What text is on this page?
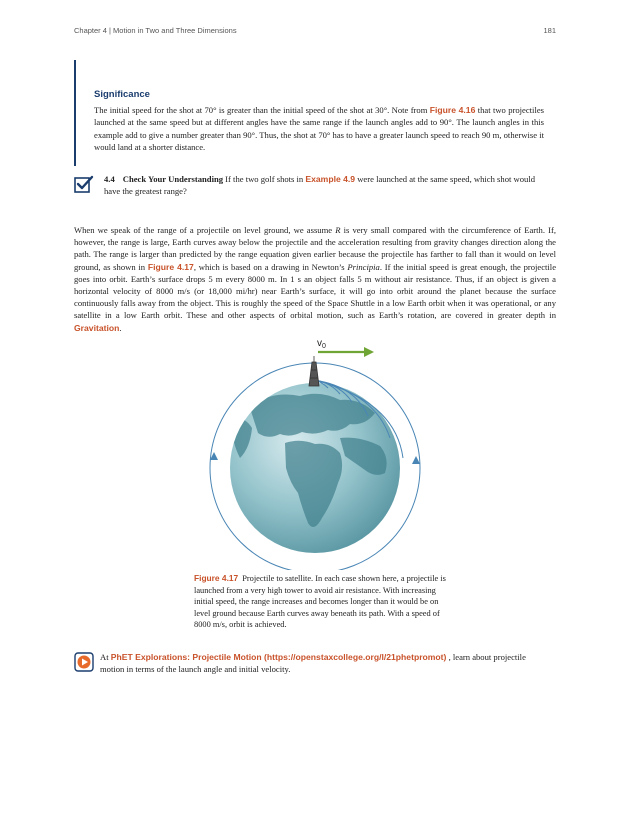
Chapter 4 | Motion in Two and Three Dimensions	181
Significance
The initial speed for the shot at 70° is greater than the initial speed of the shot at 30°. Note from Figure 4.16 that two projectiles launched at the same speed but at different angles have the same range if the launch angles add to 90°. The launch angles in this example add to give a number greater than 90°. Thus, the shot at 70° has to have a greater launch speed to reach 90 m, otherwise it would land at a shorter distance.
4.4 Check Your Understanding If the two golf shots in Example 4.9 were launched at the same speed, which shot would have the greatest range?
When we speak of the range of a projectile on level ground, we assume R is very small compared with the circumference of Earth. If, however, the range is large, Earth curves away below the projectile and the acceleration resulting from gravity changes direction along the path. The range is larger than predicted by the range equation given earlier because the projectile has farther to fall than it would on level ground, as shown in Figure 4.17, which is based on a drawing in Newton’s Principia. If the initial speed is great enough, the projectile goes into orbit. Earth’s surface drops 5 m every 8000 m. In 1 s an object falls 5 m without air resistance. Thus, if an object is given a horizontal velocity of 8000 m/s (or 18,000 mi/hr) near Earth’s surface, it will go into orbit around the planet because the surface continuously falls away from the object. This is roughly the speed of the Space Shuttle in a low Earth orbit when it was operational, or any satellite in a low Earth orbit. These and other aspects of orbital motion, such as Earth’s rotation, are covered in greater depth in Gravitation.
$v_0$
Figure 4.17 Projectile to satellite. In each case shown here, a projectile is launched from a very high tower to avoid air resistance. With increasing initial speed, the range increases and becomes longer than it would be on level ground because Earth curves away beneath its path. With a speed of 8000 m/s, orbit is achieved.
At PhET Explorations: Projectile Motion (https://openstaxcollege.org/l/21phetpromot) , learn about projectile motion in terms of the launch angle and initial velocity.
